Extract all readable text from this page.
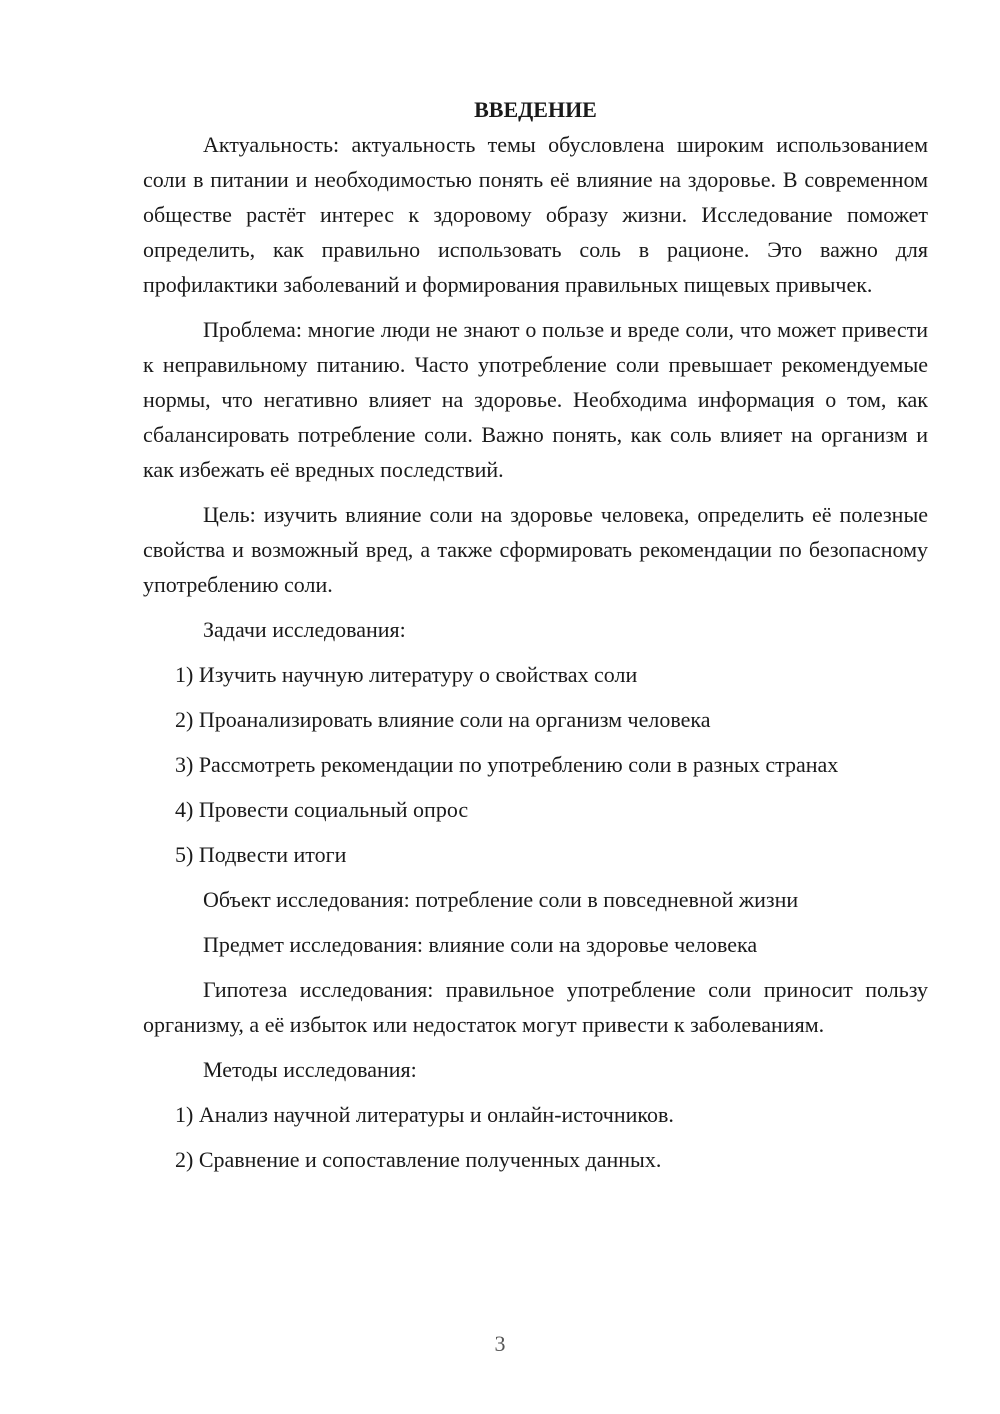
ВВЕДЕНИЕ

Актуальность: актуальность темы обусловлена широким использованием соли в питании и необходимостью понять её влияние на здоровье. В современном обществе растёт интерес к здоровому образу жизни. Исследование поможет определить, как правильно использовать соль в рационе. Это важно для профилактики заболеваний и формирования правильных пищевых привычек.

Проблема: многие люди не знают о пользе и вреде соли, что может привести к неправильному питанию. Часто употребление соли превышает рекомендуемые нормы, что негативно влияет на здоровье. Необходима информация о том, как сбалансировать потребление соли. Важно понять, как соль влияет на организм и как избежать её вредных последствий.

Цель: изучить влияние соли на здоровье человека, определить её полезные свойства и возможный вред, а также сформировать рекомендации по безопасному употреблению соли.

Задачи исследования:

1) Изучить научную литературу о свойствах соли

2) Проанализировать влияние соли на организм человека

3) Рассмотреть рекомендации по употреблению соли в разных странах

4) Провести социальный опрос

5) Подвести итоги

Объект исследования: потребление соли в повседневной жизни

Предмет исследования: влияние соли на здоровье человека

Гипотеза исследования: правильное употребление соли приносит пользу организму, а её избыток или недостаток могут привести к заболеваниям.

Методы исследования:

1) Анализ научной литературы и онлайн-источников.

2) Сравнение и сопоставление полученных данных.

3
